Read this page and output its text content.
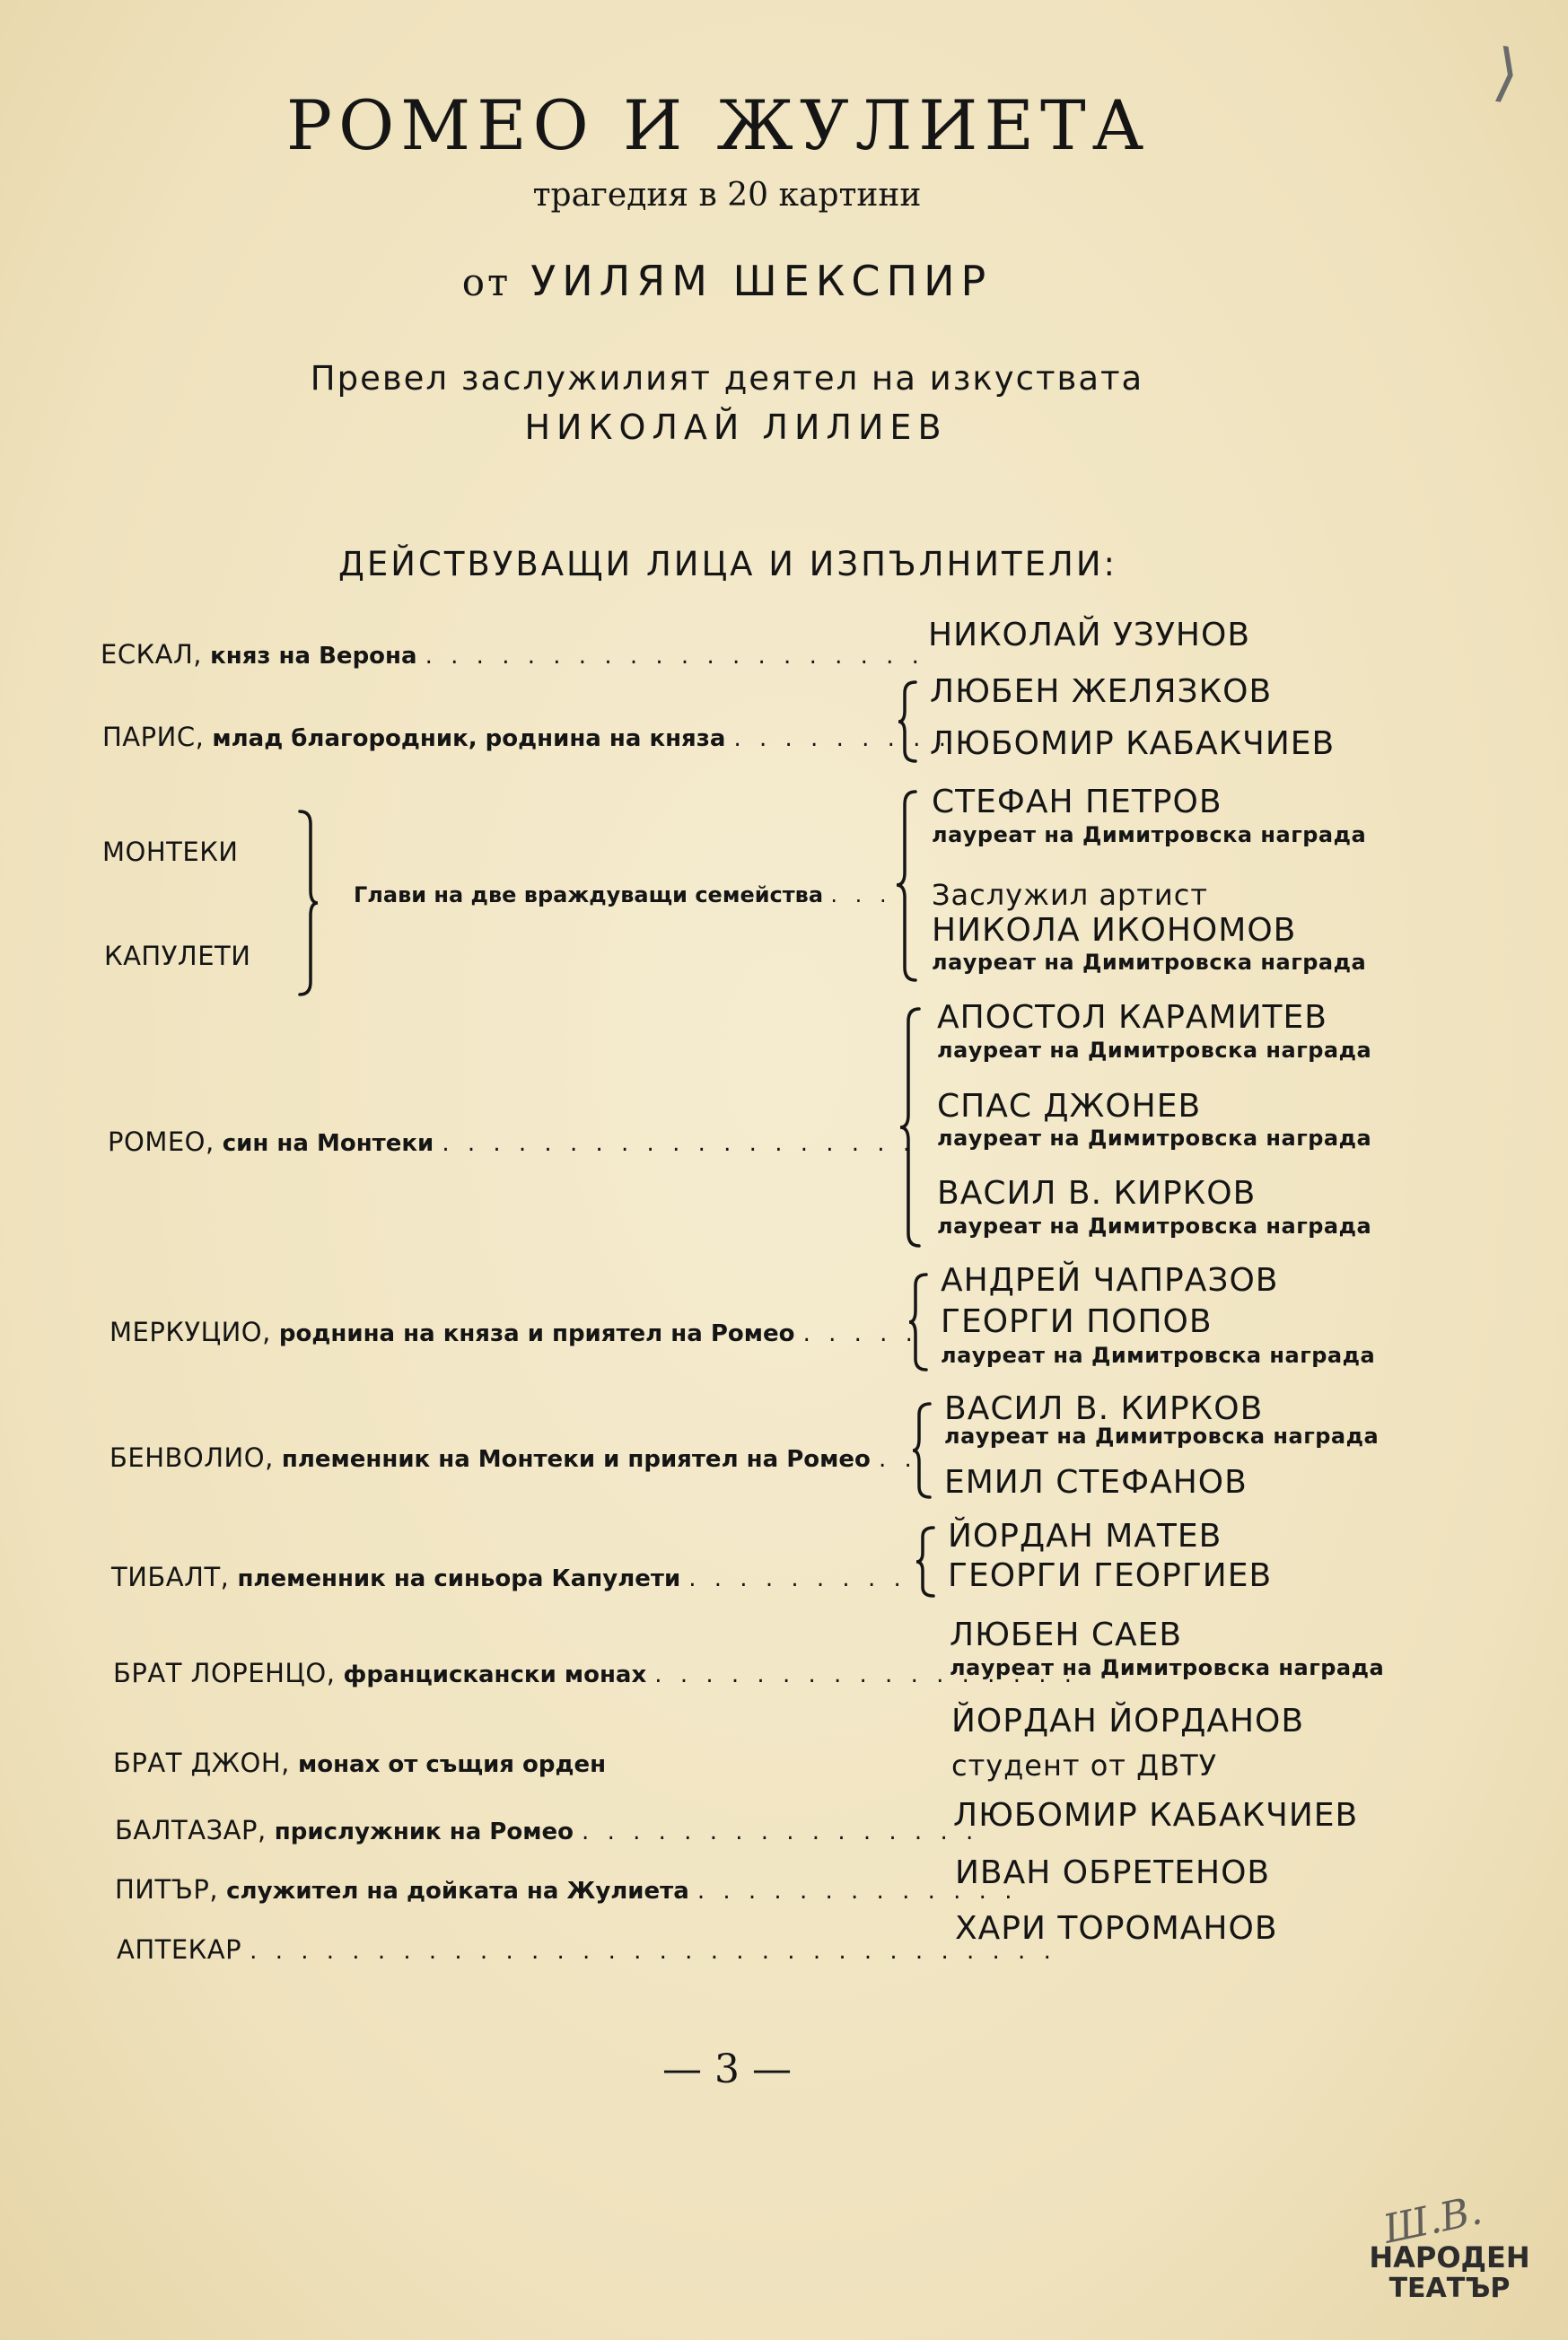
⟩
РОМЕО И ЖУЛИЕТА
трагедия в 20 картини
от УИЛЯМ ШЕКСПИР
Превел заслужилият деятел на изкуствата
НИКОЛАЙ ЛИЛИЕВ
ДЕЙСТВУВАЩИ ЛИЦА И ИЗПЪЛНИТЕЛИ:
ЕСКАЛ, княз на Верона . . . . . . . . . . . . . . . . . . . .
НИКОЛАЙ УЗУНОВ
ПАРИС, млад благородник, роднина на княза . . . . . . . . . .
ЛЮБЕН ЖЕЛЯЗКОВ
ЛЮБОМИР КАБАКЧИЕВ
МОНТЕКИ
КАПУЛЕТИ
Глави на две враждуващи семейства . . .
СТЕФАН ПЕТРОВ
лауреат на Димитровска награда
Заслужил артист
НИКОЛА ИКОНОМОВ
лауреат на Димитровска награда
РОМЕО, син на Монтеки . . . . . . . . . . . . . . . . . . .
АПОСТОЛ КАРАМИТЕВ
лауреат на Димитровска награда
СПАС ДЖОНЕВ
лауреат на Димитровска награда
ВАСИЛ В. КИРКОВ
лауреат на Димитровска награда
МЕРКУЦИО, роднина на княза и приятел на Ромео . . . . .
АНДРЕЙ ЧАПРАЗОВ
ГЕОРГИ ПОПОВ
лауреат на Димитровска награда
БЕНВОЛИО, племенник на Монтеки и приятел на Ромео . .
ВАСИЛ В. КИРКОВ
лауреат на Димитровска награда
ЕМИЛ СТЕФАНОВ
ТИБАЛТ, племенник на синьора Капулети . . . . . . . . . .
ЙОРДАН МАТЕВ
ГЕОРГИ ГЕОРГИЕВ
БРАТ ЛОРЕНЦО, францискански монах . . . . . . . . . . . . . . . . .
ЛЮБЕН САЕВ
лауреат на Димитровска награда
БРАТ ДЖОН, монах от същия орден
ЙОРДАН ЙОРДАНОВ
студент от ДВТУ
БАЛТАЗАР, прислужник на Ромео . . . . . . . . . . . . . . . .
ЛЮБОМИР КАБАКЧИЕВ
ПИТЪР, служител на дойката на Жулиета . . . . . . . . . . . . .
ИВАН ОБРЕТЕНОВ
АПТЕКАР . . . . . . . . . . . . . . . . . . . . . . . . . . . . . . . .
ХАРИ ТОРОМАНОВ
— 3 —
Ш.В.
НАРОДЕН
ТЕАТЪР
